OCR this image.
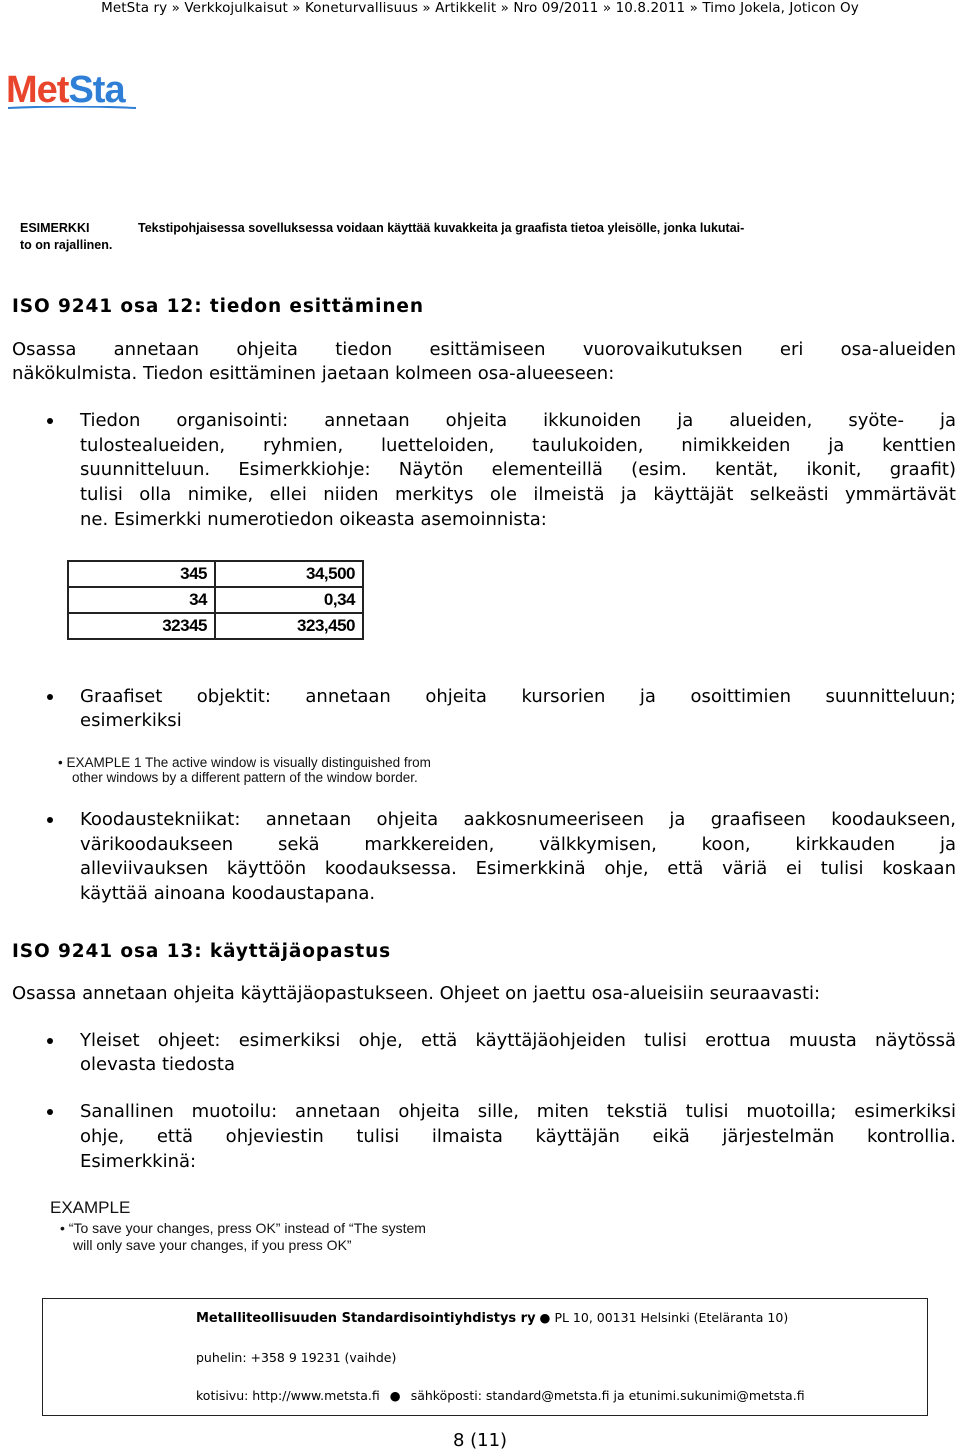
MetSta ry » Verkkojulkaisut » Koneturvallisuus » Artikkelit » Nro 09/2011 » 10.8.2011 » Timo Jokela, Joticon Oy
MetSta
ESIMERKKI	Tekstipohjaisessa sovelluksessa voidaan käyttää kuvakkeita ja graafista tietoa yleisölle, jonka lukutai-
to on rajallinen.
ISO 9241 osa 12: tiedon esittäminen
Osassa annetaan ohjeita tiedon esittämiseen vuorovaikutuksen eri osa-alueiden
näkökulmista. Tiedon esittäminen jaetaan kolmeen osa-alueeseen:
Tiedon organisointi: annetaan ohjeita ikkunoiden ja alueiden, syöte- ja
tulostealueiden, ryhmien, luetteloiden, taulukoiden, nimikkeiden ja kenttien
suunnitteluun. Esimerkkiohje: Näytön elementeillä (esim. kentät, ikonit, graafit)
tulisi olla nimike, ellei niiden merkitys ole ilmeistä ja käyttäjät selkeästi ymmärtävät
ne. Esimerkki numerotiedon oikeasta asemoinnista:
345	34,500
34	0,34
32345	323,450
Graafiset objektit: annetaan ohjeita kursorien ja osoittimien suunnitteluun;
esimerkiksi
• EXAMPLE 1 The active window is visually distinguished from
other windows by a different pattern of the window border.
Koodaustekniikat: annetaan ohjeita aakkosnumeeriseen ja graafiseen koodaukseen,
värikoodaukseen sekä markkereiden, välkkymisen, koon, kirkkauden ja
alleviivauksen käyttöön koodauksessa. Esimerkkinä ohje, että väriä ei tulisi koskaan
käyttää ainoana koodaustapana.
ISO 9241 osa 13: käyttäjäopastus
Osassa annetaan ohjeita käyttäjäopastukseen. Ohjeet on jaettu osa-alueisiin seuraavasti:
Yleiset ohjeet: esimerkiksi ohje, että käyttäjäohjeiden tulisi erottua muusta näytössä
olevasta tiedosta
Sanallinen muotoilu: annetaan ohjeita sille, miten tekstiä tulisi muotoilla; esimerkiksi
ohje, että ohjeviestin tulisi ilmaista käyttäjän eikä järjestelmän kontrollia.
Esimerkkinä:
EXAMPLE
• “To save your changes, press OK” instead of “The system
will only save your changes, if you press OK”
Metalliteollisuuden Standardisointiyhdistys ry ● PL 10, 00131 Helsinki (Eteläranta 10)
puhelin: +358 9 19231 (vaihde)
kotisivu: http://www.metsta.fi ● sähköposti: standard@metsta.fi ja etunimi.sukunimi@metsta.fi
8 (11)
